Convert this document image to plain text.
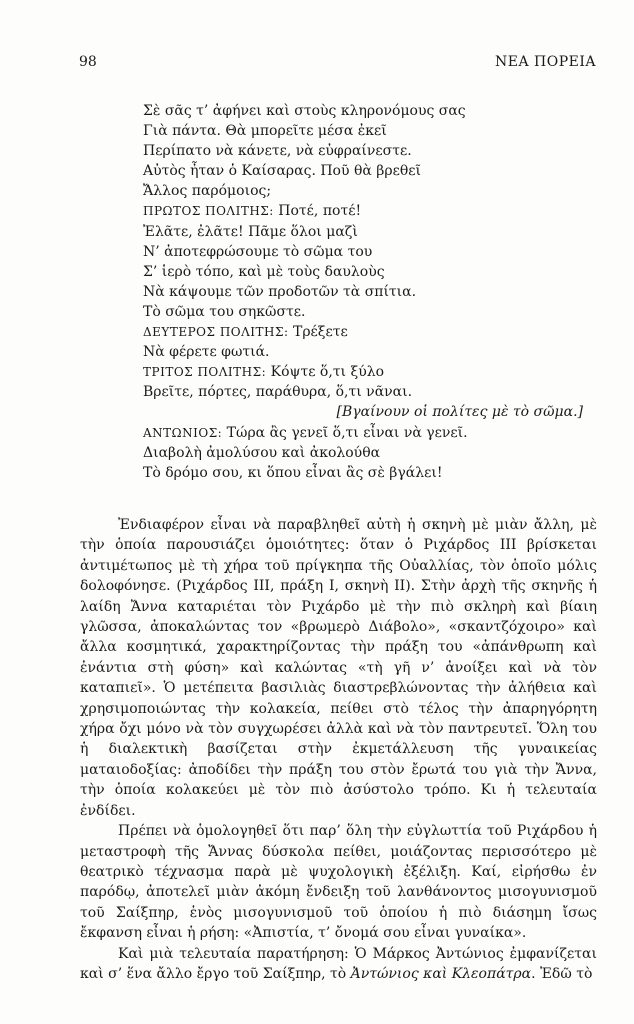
98	ΝΕΑ ΠΟΡΕΙΑ
Σὲ σᾶς τ’ ἀφήνει καὶ στοὺς κληρονόμους σας
Γιὰ πάντα. Θὰ μπορεῖτε μέσα ἐκεῖ
Περίπατο νὰ κάνετε, νὰ εὐφραίνεστε.
Αὐτὸς ἦταν ὁ Καίσαρας. Ποῦ θὰ βρεθεῖ
Ἄλλος παρόμοιος;
ΠΡΩΤΟΣ ΠΟΛΙΤΗΣ: Ποτέ, ποτέ!
Ἐλᾶτε, ἐλᾶτε! Πᾶμε ὅλοι μαζὶ
Ν’ ἀποτεφρώσουμε τὸ σῶμα του
Σ’ ἱερὸ τόπο, καὶ μὲ τοὺς δαυλοὺς
Νὰ κάψουμε τῶν προδοτῶν τὰ σπίτια.
Τὸ σῶμα του σηκῶστε.
ΔΕΥΤΕΡΟΣ ΠΟΛΙΤΗΣ: Τρέξετε
Νὰ φέρετε φωτιά.
ΤΡΙΤΟΣ ΠΟΛΙΤΗΣ: Κόψτε ὅ,τι ξύλο
Βρεῖτε, πόρτες, παράθυρα, ὅ,τι νᾶναι.
[Βγαίνουν οἱ πολίτες μὲ τὸ σῶμα.]
ΑΝΤΩΝΙΟΣ: Τώρα ἂς γενεῖ ὅ,τι εἶναι νὰ γενεῖ.
Διαβολὴ ἀμολύσου καὶ ἀκολούθα
Τὸ δρόμο σου, κι ὅπου εἶναι ἂς σὲ βγάλει!

Ἐνδιαφέρον εἶναι νὰ παραβληθεῖ αὐτὴ ἡ σκηνὴ μὲ μιὰν ἄλλη, μὲ τὴν ὁποία παρουσιάζει ὁμοιότητες: ὅταν ὁ Ριχάρδος III βρίσκεται ἀντιμέτωπος μὲ τὴ χήρα τοῦ πρίγκηπα τῆς Οὐαλλίας, τὸν ὁποῖο μόλις δολοφόνησε. (Ριχάρδος III, πράξη I, σκηνὴ II). Στὴν ἀρχὴ τῆς σκηνῆς ἡ λαίδη Ἄννα καταριέται τὸν Ριχάρδο μὲ τὴν πιὸ σκληρὴ καὶ βίαιη γλῶσσα, ἀποκαλώντας τον «βρωμερὸ Διάβολο», «σκαντζόχοιρο» καὶ ἄλλα κοσμητικά, χαρακτηρίζοντας τὴν πράξη του «ἀπάνθρωπη καὶ ἐνάντια στὴ φύση» καὶ καλώντας «τὴ γῆ ν’ ἀνοίξει καὶ νὰ τὸν καταπιεῖ». Ὁ μετέπειτα βασιλιὰς διαστρεβλώνοντας τὴν ἀλήθεια καὶ χρησιμοποιώντας τὴν κολακεία, πείθει στὸ τέλος τὴν ἀπαρηγόρητη χήρα ὄχι μόνο νὰ τὸν συγχωρέσει ἀλλὰ καὶ νὰ τὸν παντρευτεῖ. Ὅλη του ἡ διαλεκτικὴ βασίζεται στὴν ἐκμετάλλευση τῆς γυναικείας ματαιοδοξίας: ἀποδίδει τὴν πράξη του στὸν ἔρωτά του γιὰ τὴν Ἄννα, τὴν ὁποία κολακεύει μὲ τὸν πιὸ ἀσύστολο τρόπο. Κι ἡ τελευταία ἐνδίδει.

Πρέπει νὰ ὁμολογηθεῖ ὅτι παρ’ ὅλη τὴν εὐγλωττία τοῦ Ριχάρδου ἡ μεταστροφὴ τῆς Ἄννας δύσκολα πείθει, μοιάζοντας περισσότερο μὲ θεατρικὸ τέχνασμα παρὰ μὲ ψυχολογικὴ ἐξέλιξη. Καί, εἰρήσθω ἐν παρόδῳ, ἀποτελεῖ μιὰν ἀκόμη ἔνδειξη τοῦ λανθάνοντος μισογυνισμοῦ τοῦ Σαίξπηρ, ἑνὸς μισογυνισμοῦ τοῦ ὁποίου ἡ πιὸ διάσημη ἴσως ἔκφανση εἶναι ἡ ρήση: «Ἀπιστία, τ’ ὄνομά σου εἶναι γυναίκα».

Καὶ μιὰ τελευταία παρατήρηση: Ὁ Μάρκος Ἀντώνιος ἐμφανίζεται καὶ σ’ ἕνα ἄλλο ἔργο τοῦ Σαίξπηρ, τὸ Ἀντώνιος καὶ Κλεοπάτρα. Ἐδῶ τὸ
